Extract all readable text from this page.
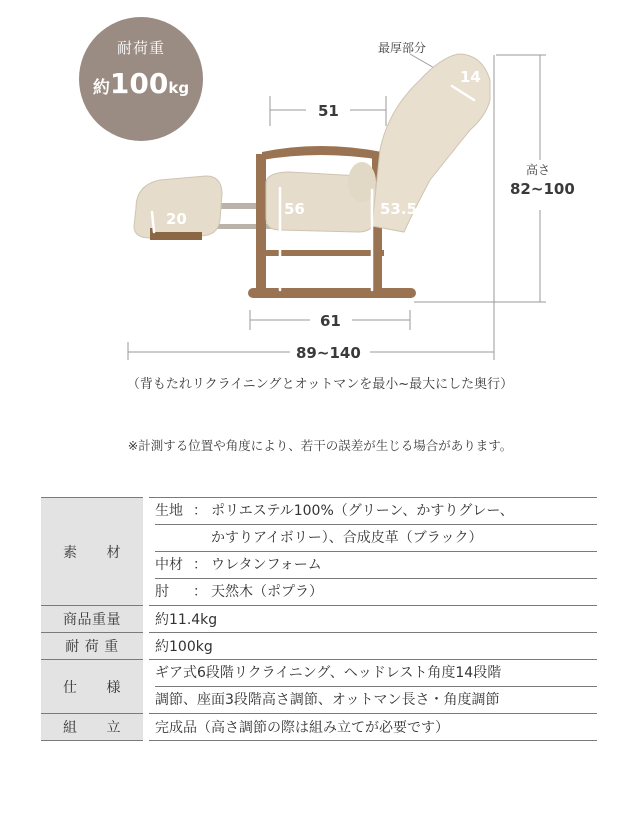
耐荷重
約100kg
最厚部分
14
51
56	53.5
20
高さ
82~100
61
89~140
（背もたれリクライニングとオットマンを最小~最大にした奥行）
※計測する位置や角度により、若干の誤差が生じる場合があります。
素　　材	生地 ： ポリエステル100%（グリーン、かすりグレー、
かすりアイボリー）、合成皮革（ブラック）
中材 ： ウレタンフォーム
肘 ： 天然木（ポプラ）

商品重量	約11.4kg
耐 荷 重	約100kg
仕　　様	ギア式6段階リクライニング、ヘッドレスト角度14段階
調節、座面3段階高さ調節、オットマン長さ・角度調節

組　　立	完成品（高さ調節の際は組み立てが必要です）
